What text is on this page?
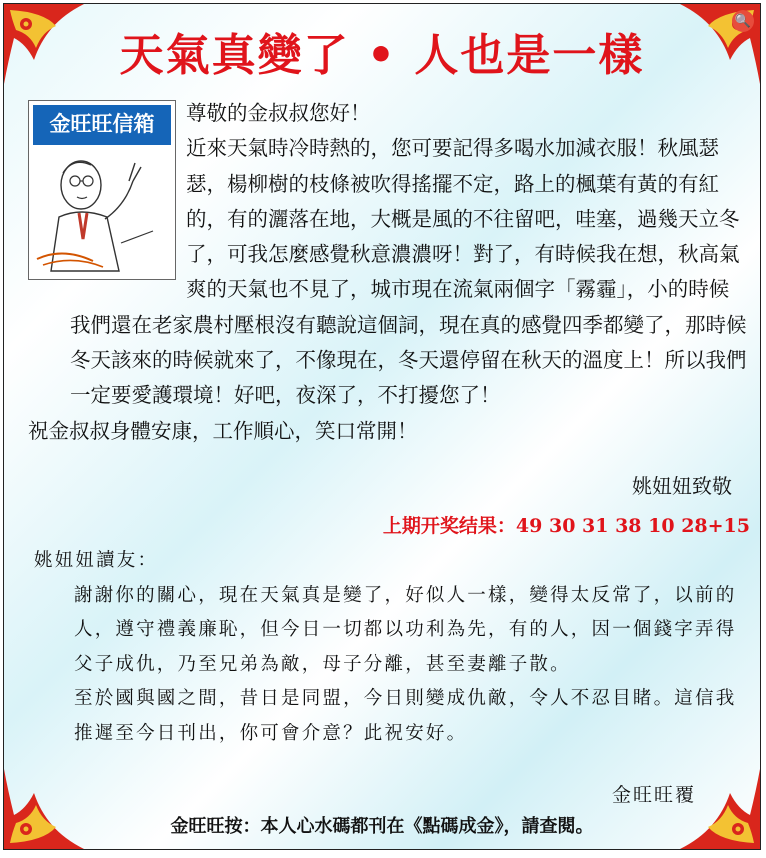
天氣真變了 • 人也是一樣
🔍
金旺旺信箱	尊敬的金叔叔您好！

近來天氣時冷時熱的，您可要記得多喝水加減衣服！秋風瑟瑟，楊柳樹的枝條被吹得搖擺不定，路上的楓葉有黃的有紅的，有的灑落在地，大概是風的不往留吧，哇塞，過幾天立冬了，可我怎麼感覺秋意濃濃呀！對了，有時候我在想，秋高氣爽的天氣也不見了，城市現在流氣兩個字「霧霾」，小的時候我們還在老家農村壓根沒有聽說這個詞，現在真的感覺四季都變了，那時候冬天該來的時候就來了，不像現在，冬天還停留在秋天的溫度上！所以我們一定要愛護環境！好吧，夜深了，不打擾您了！

祝金叔叔身體安康，工作順心，笑口常開！

姚妞妞致敬
上期开奖结果：49 30 31 38 10 28+15

姚妞妞讀友：

謝謝你的關心，現在天氣真是變了，好似人一樣，變得太反常了，以前的人，遵守禮義廉恥，但今日一切都以功利為先，有的人，因一個錢字弄得父子成仇，乃至兄弟為敵，母子分離，甚至妻離子散。

至於國與國之間，昔日是同盟，今日則變成仇敵，令人不忍目睹。這信我推遲至今日刊出，你可會介意？此祝安好。

金旺旺覆
金旺旺按：本人心水碼都刊在《點碼成金》，請查閱。
